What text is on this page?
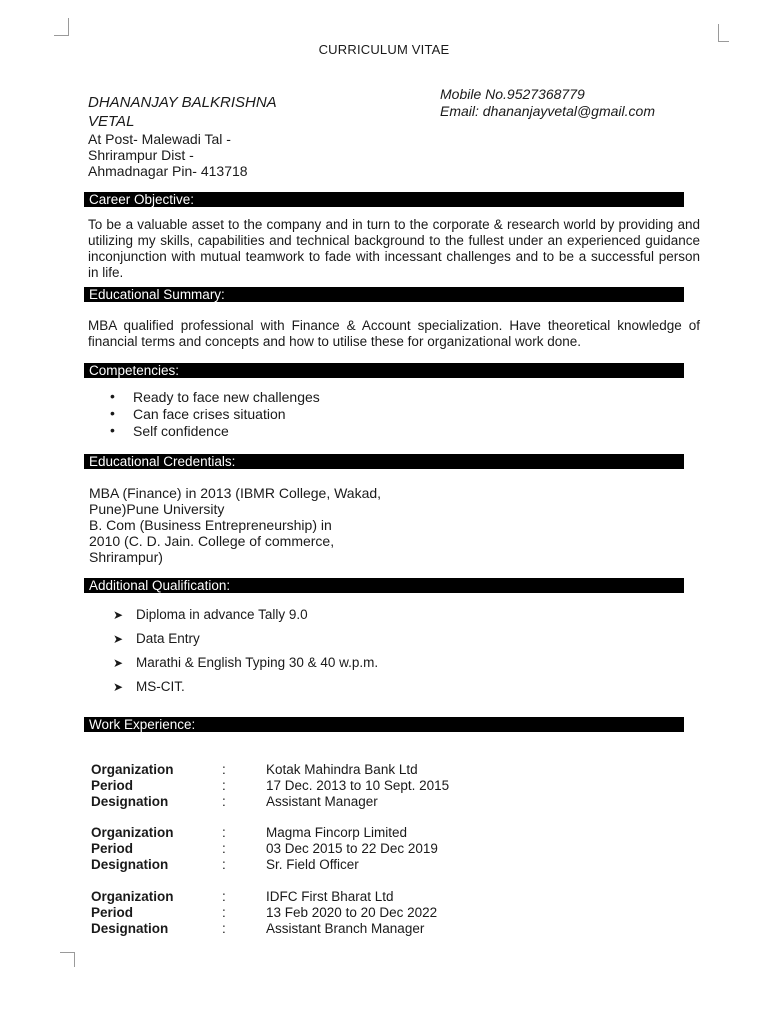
CURRICULUM VITAE
DHANANJAY BALKRISHNA VETAL
At Post- Malewadi Tal -
Shrirampur Dist -
Ahmadnagar Pin- 413718
Mobile No.9527368779
Email: dhananjayvetal@gmail.com
Career Objective:
To be a valuable asset to the company and in turn to the corporate & research world by providing and utilizing my skills, capabilities and technical background to the fullest under an experienced guidance inconjunction with mutual teamwork to fade with incessant challenges and to be a successful person in life.
Educational Summary:
MBA qualified professional with Finance & Account specialization. Have theoretical knowledge of financial terms and concepts and how to utilise these for organizational work done.
Competencies:
• Ready to face new challenges
• Can face crises situation
• Self confidence
Educational Credentials:
MBA (Finance) in 2013 (IBMR College, Wakad,
Pune)Pune University
B. Com (Business Entrepreneurship) in
2010 (C. D. Jain. College of commerce,
Shrirampur)
Additional Qualification:
➤ Diploma in advance Tally 9.0
➤ Data Entry
➤ Marathi & English Typing 30 & 40 w.p.m.
➤ MS-CIT.
Work Experience:
Organization	:	Kotak Mahindra Bank Ltd
Period	:	17 Dec. 2013 to 10 Sept. 2015
Designation	:	Assistant Manager
Organization	:	Magma Fincorp Limited
Period	:	03 Dec 2015 to 22 Dec 2019
Designation	:	Sr. Field Officer
Organization	:	IDFC First Bharat Ltd
Period	:	13 Feb 2020 to 20 Dec 2022
Designation	:	Assistant Branch Manager
